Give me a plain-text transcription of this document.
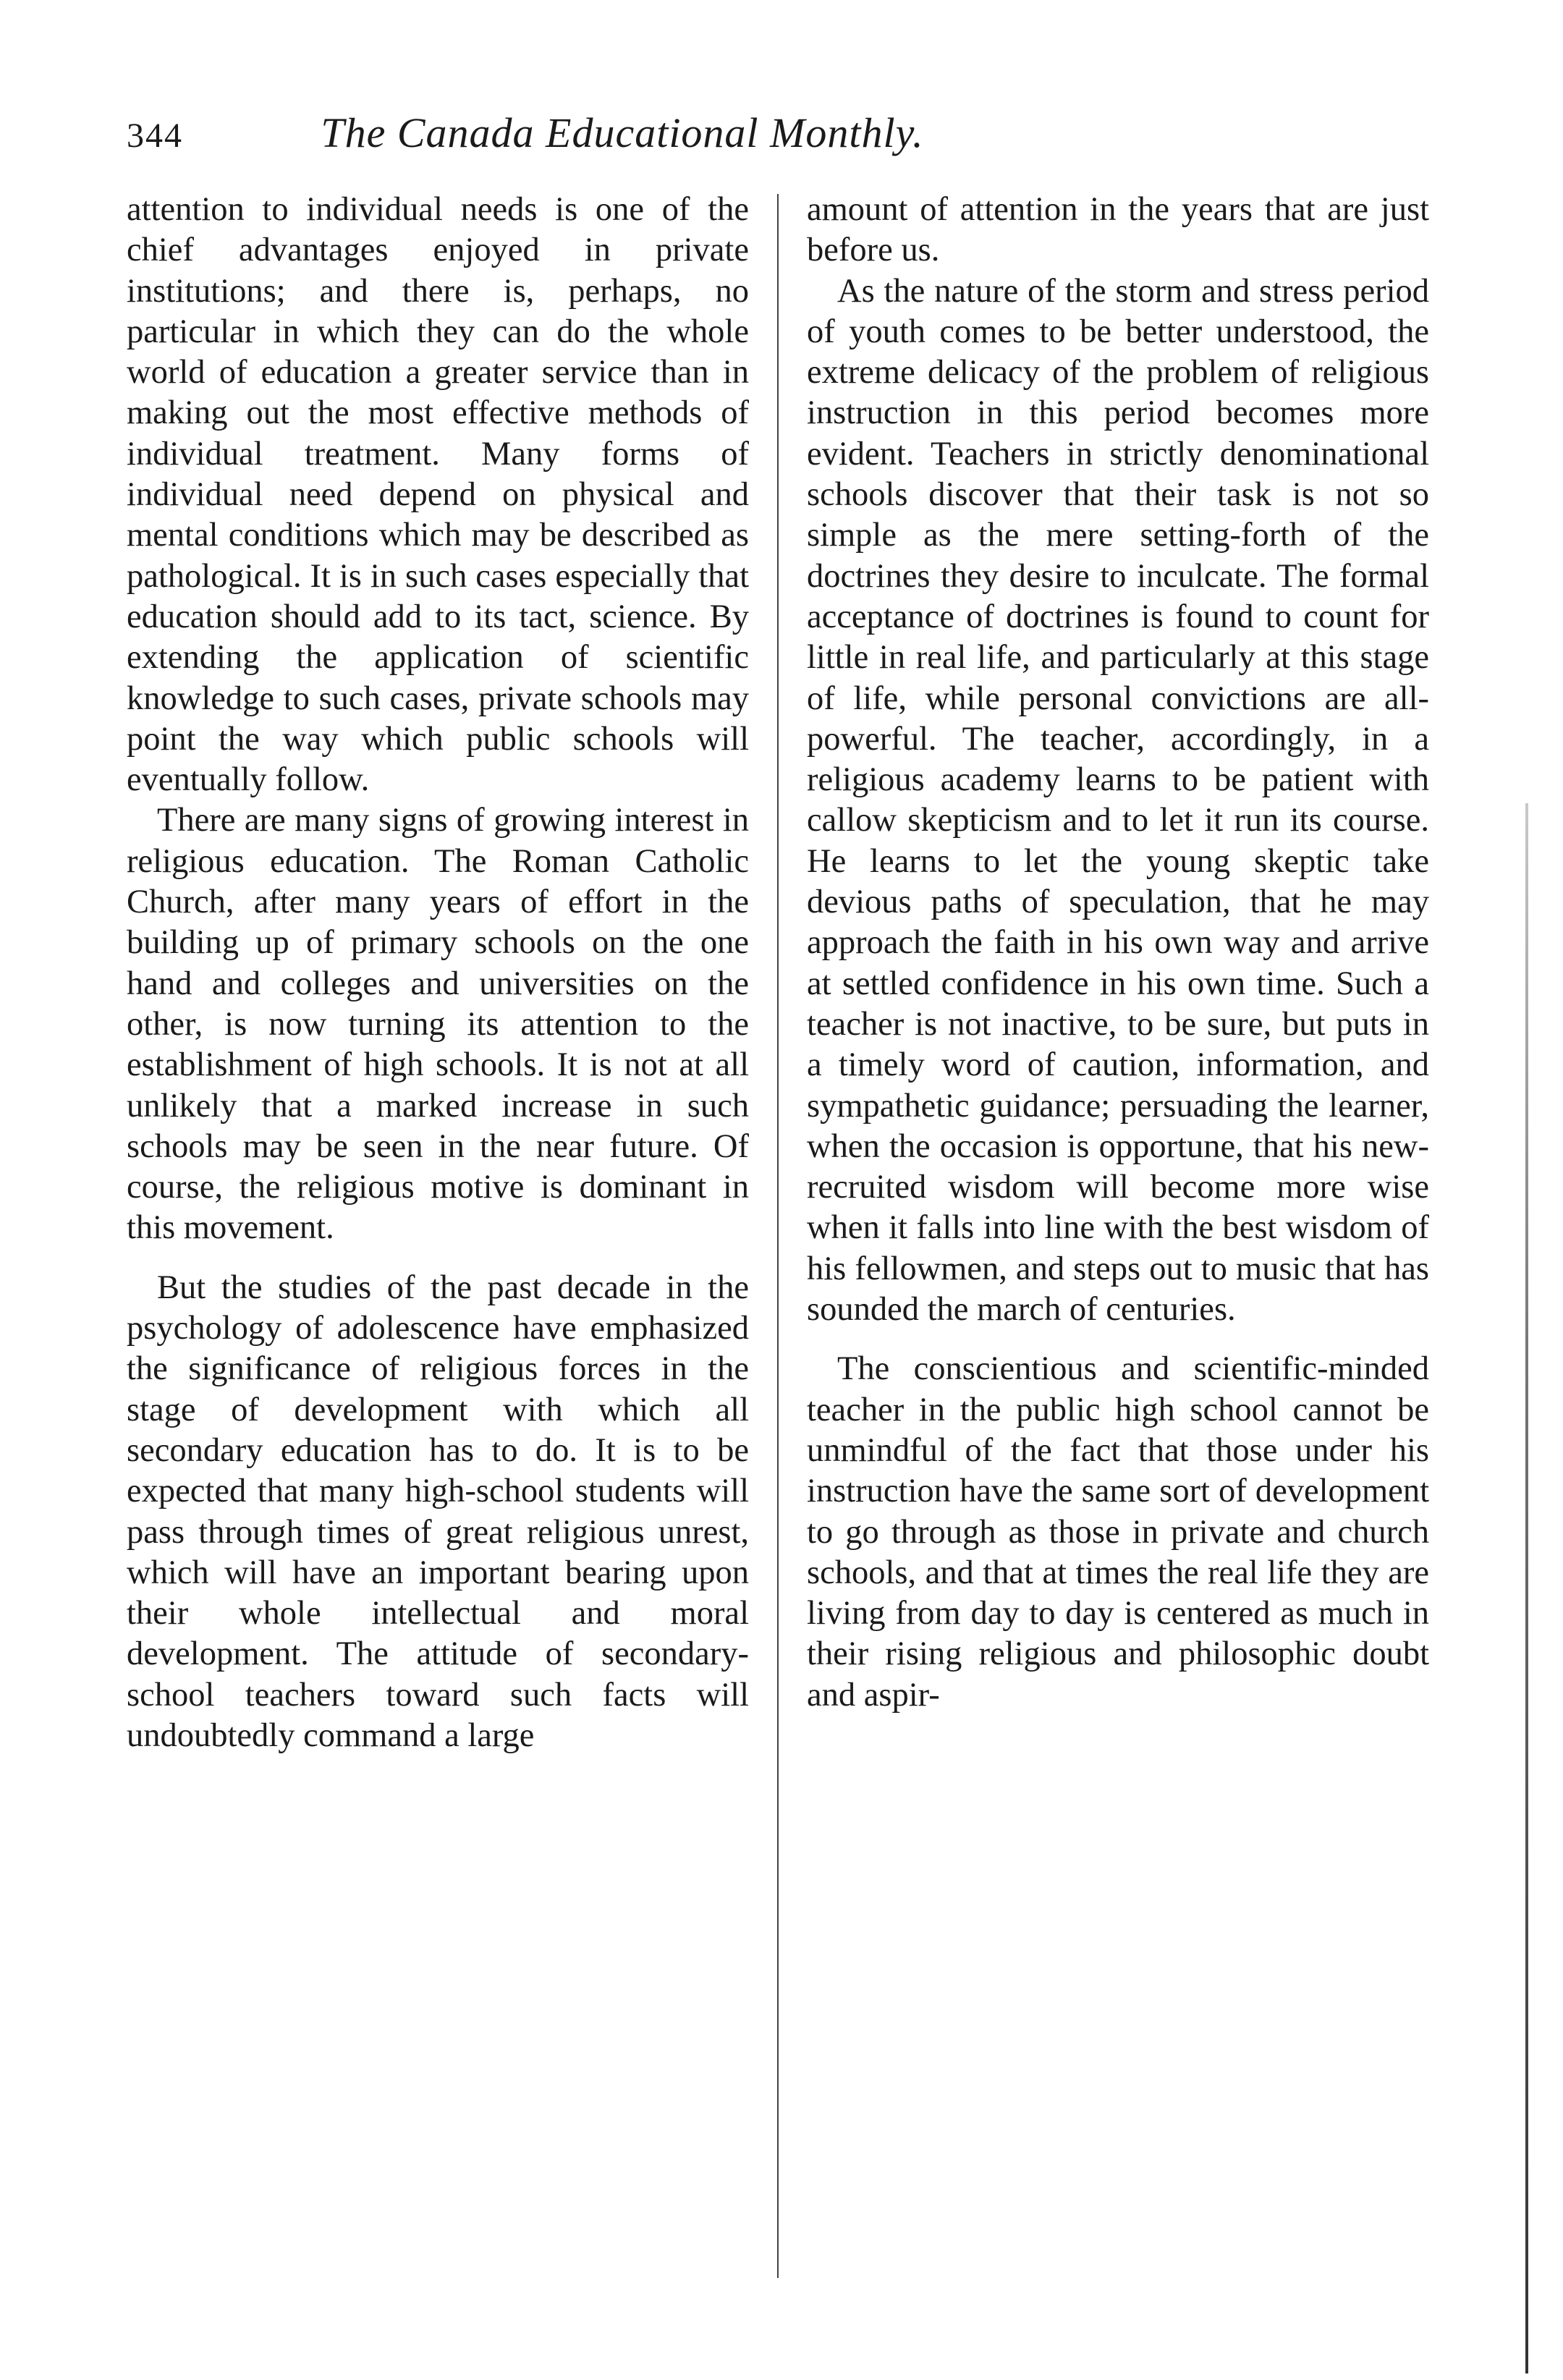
344	The Canada Educational Monthly.

attention to individual needs is one of the chief advantages enjoyed in private institutions; and there is, perhaps, no particular in which they can do the whole world of education a greater service than in making out the most effective methods of individual treatment. Many forms of individual need depend on physical and mental conditions which may be described as pathological. It is in such cases especially that education should add to its tact, science. By extending the application of scientific knowledge to such cases, private schools may point the way which public schools will eventually follow.

There are many signs of growing interest in religious education. The Roman Catholic Church, after many years of effort in the building up of primary schools on the one hand and colleges and universities on the other, is now turning its attention to the establishment of high schools. It is not at all unlikely that a marked increase in such schools may be seen in the near future. Of course, the religious motive is dominant in this movement.

But the studies of the past decade in the psychology of adolescence have emphasized the significance of religious forces in the stage of development with which all secondary education has to do. It is to be expected that many high-school students will pass through times of great religious unrest, which will have an important bearing upon their whole intellectual and moral development. The attitude of secondary-school teachers toward such facts will undoubtedly command a large

amount of attention in the years that are just before us.

As the nature of the storm and stress period of youth comes to be better understood, the extreme delicacy of the problem of religious instruction in this period becomes more evident. Teachers in strictly denominational schools discover that their task is not so simple as the mere setting-forth of the doctrines they desire to inculcate. The formal acceptance of doctrines is found to count for little in real life, and particularly at this stage of life, while personal convictions are all-powerful. The teacher, accordingly, in a religious academy learns to be patient with callow skepticism and to let it run its course. He learns to let the young skeptic take devious paths of speculation, that he may approach the faith in his own way and arrive at settled confidence in his own time. Such a teacher is not inactive, to be sure, but puts in a timely word of caution, information, and sympathetic guidance; persuading the learner, when the occasion is opportune, that his new-recruited wisdom will become more wise when it falls into line with the best wisdom of his fellowmen, and steps out to music that has sounded the march of centuries.

The conscientious and scientific-minded teacher in the public high school cannot be unmindful of the fact that those under his instruction have the same sort of development to go through as those in private and church schools, and that at times the real life they are living from day to day is centered as much in their rising religious and philosophic doubt and aspir-
